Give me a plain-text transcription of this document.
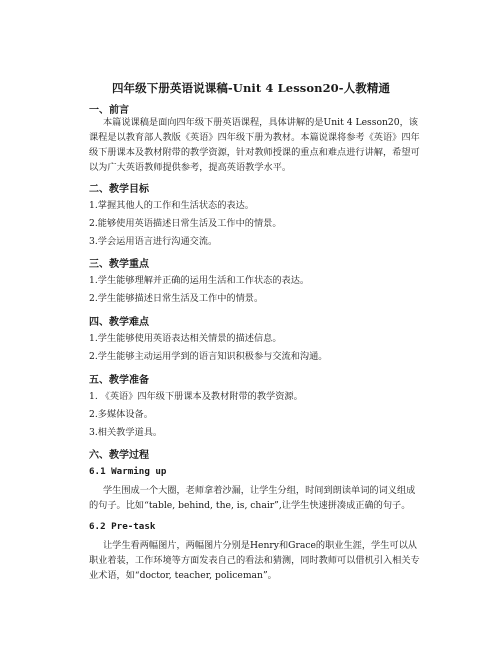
四年级下册英语说课稿-Unit 4 Lesson20-人教精通
一、前言
本篇说课稿是面向四年级下册英语课程，具体讲解的是Unit 4 Lesson20，该
课程是以教育部人教版《英语》四年级下册为教材。本篇说课将参考《英语》四年
级下册课本及教材附带的教学资源，针对教师授课的重点和难点进行讲解，希望可
以为广大英语教师提供参考，提高英语教学水平。
二、教学目标
1.掌握其他人的工作和生活状态的表达。
2.能够使用英语描述日常生活及工作中的情景。
3.学会运用语言进行沟通交流。
三、教学重点
1.学生能够理解并正确的运用生活和工作状态的表达。
2.学生能够描述日常生活及工作中的情景。
四、教学难点
1.学生能够使用英语表达相关情景的描述信息。
2.学生能够主动运用学到的语言知识积极参与交流和沟通。
五、教学准备
1. 《英语》四年级下册课本及教材附带的教学资源。
2.多媒体设备。
3.相关教学道具。
六、教学过程
6.1 Warming up
学生围成一个大圈，老师拿着沙漏，让学生分组，时间到朗读单词的词义组成
的句子。比如“table, behind, the, is, chair”,让学生快速拼凑成正确的句子。
6.2 Pre-task
让学生看两幅图片，两幅图片分别是Henry和Grace的职业生涯，学生可以从
职业着装，工作环境等方面发表自己的看法和猜测，同时教师可以借机引入相关专
业术语，如“doctor, teacher, policeman”。
